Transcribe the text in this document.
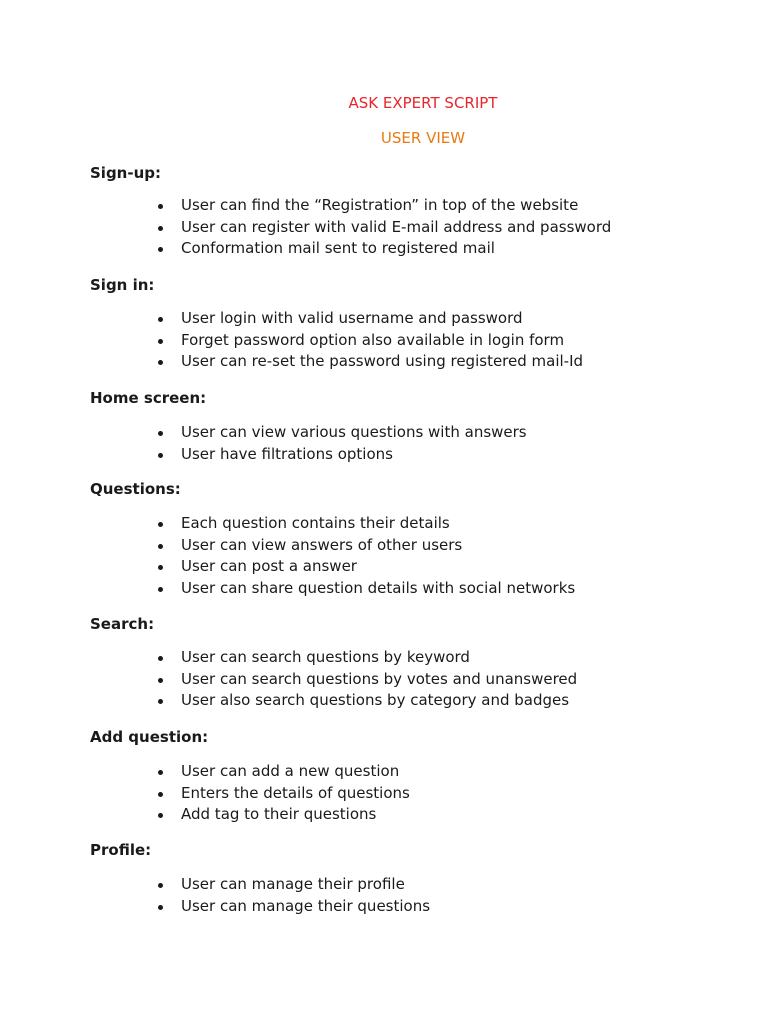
ASK EXPERT SCRIPT
USER VIEW
Sign-up:
User can find the “Registration” in top of the website
User can register with valid E-mail address and password
Conformation mail sent to registered mail
Sign in:
User login with valid username and password
Forget password option also available in login form
User can re-set the password using registered mail-Id
Home screen:
User can view various questions with answers
User have filtrations options
Questions:
Each question contains their details
User can view answers of other users
User can post a answer
User can share question details with social networks
Search:
User can search questions by keyword
User can search questions by votes and unanswered
User also search questions by category and badges
Add question:
User can add a new question
Enters the details of questions
Add tag to their questions
Profile:
User can manage their profile
User can manage their questions
